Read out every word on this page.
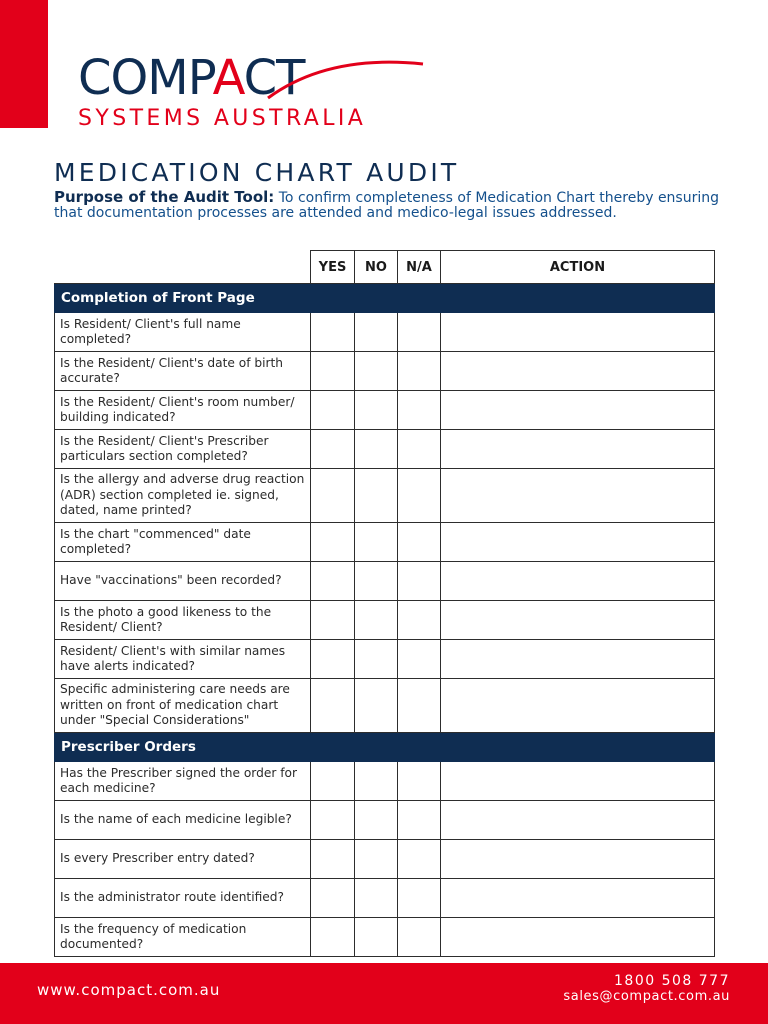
COMPACT
SYSTEMS AUSTRALIA
MEDICATION CHART AUDIT
Purpose of the Audit Tool: To confirm completeness of Medication Chart thereby ensuring that documentation processes are attended and medico-legal issues addressed.
	YES	NO	N/A	ACTION
Completion of Front Page				
Is Resident/ Client's full name completed?				
Is the Resident/ Client's date of birth accurate?				
Is the Resident/ Client's room number/ building indicated?				
Is the Resident/ Client's Prescriber particulars section completed?				
Is the allergy and adverse drug reaction (ADR) section completed ie. signed, dated, name printed?				
Is the chart "commenced" date completed?				
Have "vaccinations" been recorded?				
Is the photo a good likeness to the Resident/ Client?				
Resident/ Client's with similar names have alerts indicated?				
Specific administering care needs are written on front of medication chart under "Special Considerations"				
Prescriber Orders				
Has the Prescriber signed the order for each medicine?				
Is the name of each medicine legible?				
Is every Prescriber entry dated?				
Is the administrator route identified?				
Is the frequency of medication documented?				
www.compact.com.au	1800 508 777
sales@compact.com.au
